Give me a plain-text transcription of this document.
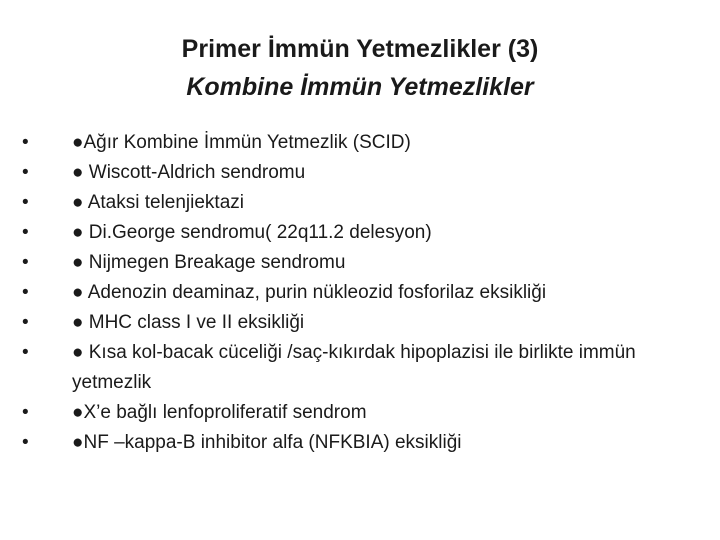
Primer İmmün Yetmezlikler (3)
Kombine İmmün Yetmezlikler
•	●Ağır Kombine İmmün Yetmezlik (SCID)
•	● Wiscott-Aldrich sendromu
•	● Ataksi telenjiektazi
•	● Di.George sendromu( 22q11.2 delesyon)
•	● Nijmegen Breakage sendromu
•	● Adenozin deaminaz, purin nükleozid fosforilaz eksikliği
•	● MHC class I ve II eksikliği
•	● Kısa kol-bacak cüceliği /saç-kıkırdak hipoplazisi ile birlikte immün yetmezlik
•	●X’e bağlı lenfoproliferatif sendrom
•	●NF –kappa-B inhibitor alfa (NFKBIA) eksikliği
